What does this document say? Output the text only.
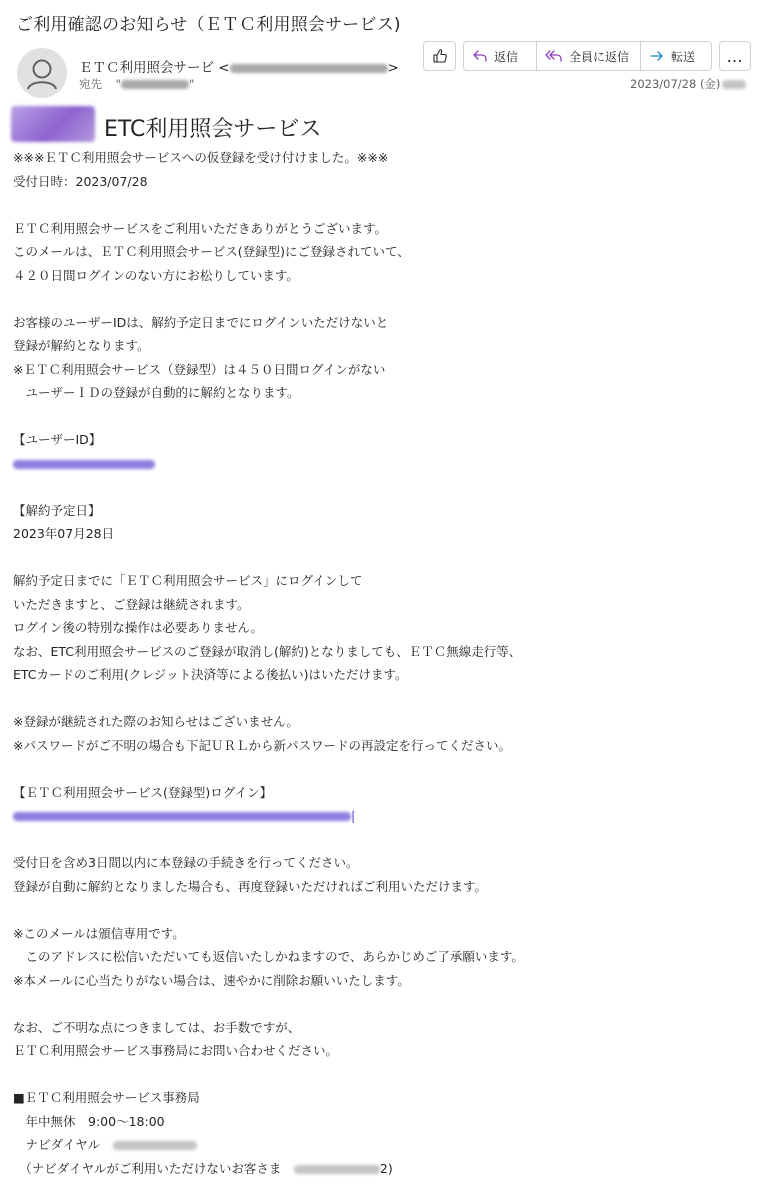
ご利用確認のお知らせ（ＥＴＣ利用照会サービス)
ＥＴＣ利用照会サービ <	>
宛先 "	"
返信	全員に返信	転送	…
2023/07/28 (金)
ETC利用照会サービス
※※※ＥＴＣ利用照会サービスへの仮登録を受け付けました。※※※
受付日時：2023/07/28
ＥＴＣ利用照会サービスをご利用いただきありがとうございます。
このメールは、ＥＴＣ利用照会サービス(登録型)にご登録されていて、
４２０日間ログインのない方にお松りしています。
お客様のユーザーIDは、解約予定日までにログインいただけないと
登録が解約となります。
※ＥＴＣ利用照会サービス（登録型）は４５０日間ログインがない
　ユーザーＩＤの登録が自動的に解約となります。
【ユーザーID】
【解約予定日】
2023年07月28日
解約予定日までに「ＥＴＣ利用照会サービス」にログインして
いただきますと、ご登録は継続されます。
ログイン後の特別な操作は必要ありません。
なお、ETC利用照会サービスのご登録が取消し(解約)となりましても、ＥＴＣ無線走行等、
ETCカードのご利用(クレジット決済等による後払い)はいただけます。
※登録が継続された際のお知らせはございません。
※パスワードがご不明の場合も下記ＵＲＬから新パスワードの再設定を行ってください。
【ＥＴＣ利用照会サービス(登録型)ログイン】
|
受付日を含め3日間以内に本登録の手続きを行ってください。
登録が自動に解約となりました場合も、再度登録いただければご利用いただけます。
※このメールは頒信専用です。
　このアドレスに松信いただいても返信いたしかねますので、あらかじめご了承願います。
※本メールに心当たりがない場合は、速やかに削除お願いいたします。
なお、ご不明な点につきましては、お手数ですが、
ＥＴＣ利用照会サービス事務局にお問い合わせください。
■ＥＴＣ利用照会サービス事務局
　年中無休　9:00～18:00
　ナビダイヤル　
　（ナビダイヤルがご利用いただけないお客さま　	2)
